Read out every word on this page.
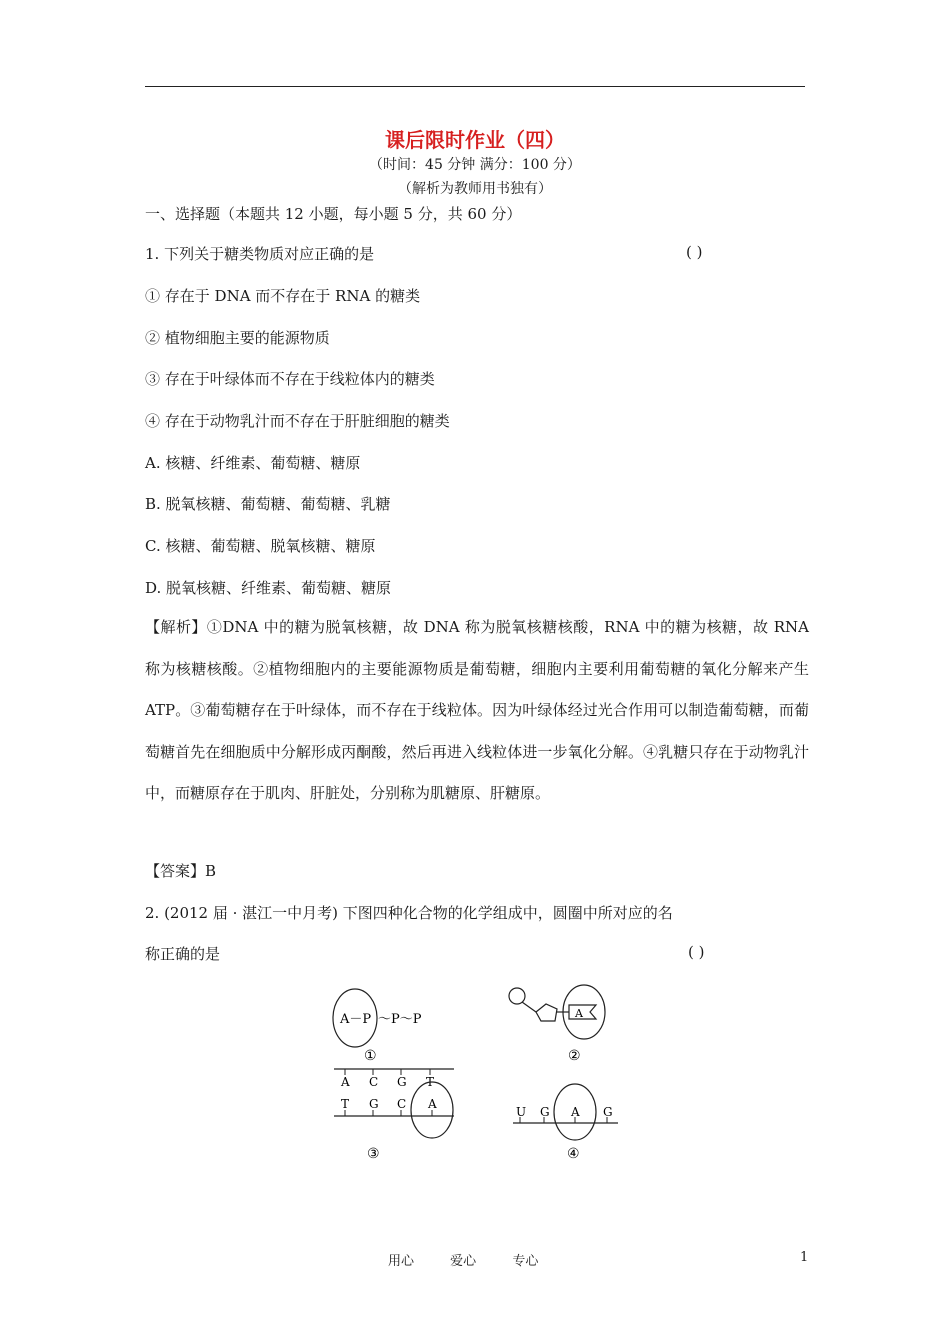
课后限时作业（四）
（时间：45 分钟 满分：100 分）
（解析为教师用书独有）
一、选择题（本题共 12 小题，每小题 5 分，共 60 分）
1. 下列关于糖类物质对应正确的是	( )
① 存在于 DNA 而不存在于 RNA 的糖类
② 植物细胞主要的能源物质
③ 存在于叶绿体而不存在于线粒体内的糖类
④ 存在于动物乳汁而不存在于肝脏细胞的糖类
A. 核糖、纤维素、葡萄糖、糖原
B. 脱氧核糖、葡萄糖、葡萄糖、乳糖
C. 核糖、葡萄糖、脱氧核糖、糖原
D. 脱氧核糖、纤维素、葡萄糖、糖原
【解析】①DNA 中的糖为脱氧核糖，故 DNA 称为脱氧核糖核酸，RNA 中的糖为核糖，故 RNA 称为核糖核酸。②植物细胞内的主要能源物质是葡萄糖，细胞内主要利用葡萄糖的氧化分解来产生 ATP。③葡萄糖存在于叶绿体，而不存在于线粒体。因为叶绿体经过光合作用可以制造葡萄糖，而葡萄糖首先在细胞质中分解形成丙酮酸，然后再进入线粒体进一步氧化分解。④乳糖只存在于动物乳汁中，而糖原存在于肌肉、肝脏处，分别称为肌糖原、肝糖原。
【答案】B
2. (2012 届 · 湛江一中月考) 下图四种化合物的化学组成中，圆圈中所对应的名
称正确的是	( )
A－P ～P～P
①
A
②
A C G T
T G C A
③
U G A G
④
用心	爱心	专心	1
